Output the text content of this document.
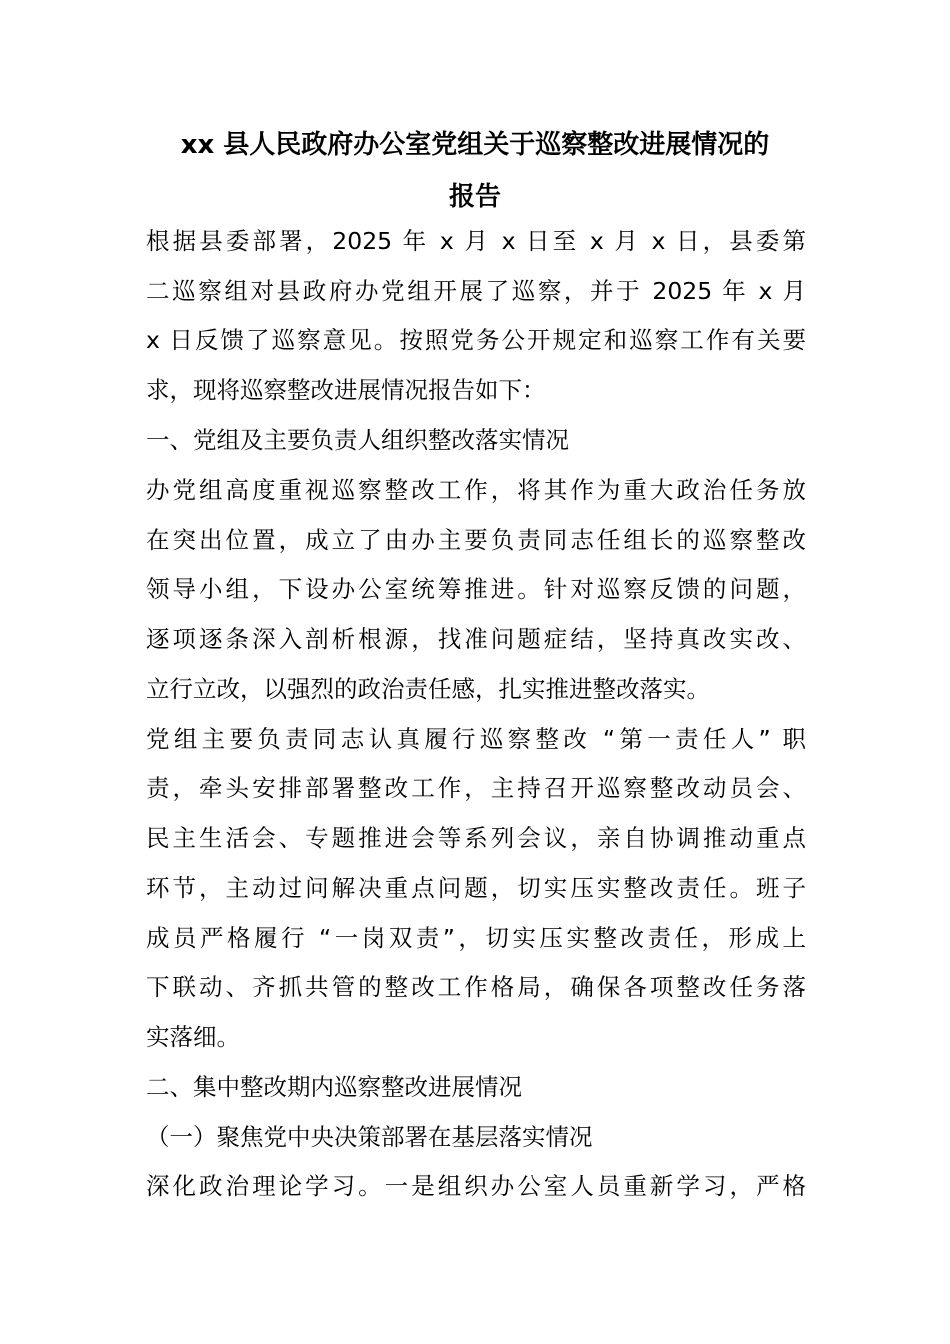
xx 县人民政府办公室党组关于巡察整改进展情况的
报告

根据县委部署，2025 年 x 月 x 日至 x 月 x 日，县委第

二巡察组对县政府办党组开展了巡察，并于 2025 年 x 月

x 日反馈了巡察意见。按照党务公开规定和巡察工作有关要

求，现将巡察整改进展情况报告如下：

一、党组及主要负责人组织整改落实情况

办党组高度重视巡察整改工作，将其作为重大政治任务放

在突出位置，成立了由办主要负责同志任组长的巡察整改

领导小组，下设办公室统筹推进。针对巡察反馈的问题，

逐项逐条深入剖析根源，找准问题症结，坚持真改实改、

立行立改，以强烈的政治责任感，扎实推进整改落实。

党组主要负责同志认真履行巡察整改 “第一责任人” 职

责，牵头安排部署整改工作，主持召开巡察整改动员会、

民主生活会、专题推进会等系列会议，亲自协调推动重点

环节，主动过问解决重点问题，切实压实整改责任。班子

成员严格履行 “一岗双责”，切实压实整改责任，形成上

下联动、齐抓共管的整改工作格局，确保各项整改任务落

实落细。

二、集中整改期内巡察整改进展情况

（一）聚焦党中央决策部署在基层落实情况

深化政治理论学习。一是组织办公室人员重新学习，严格
